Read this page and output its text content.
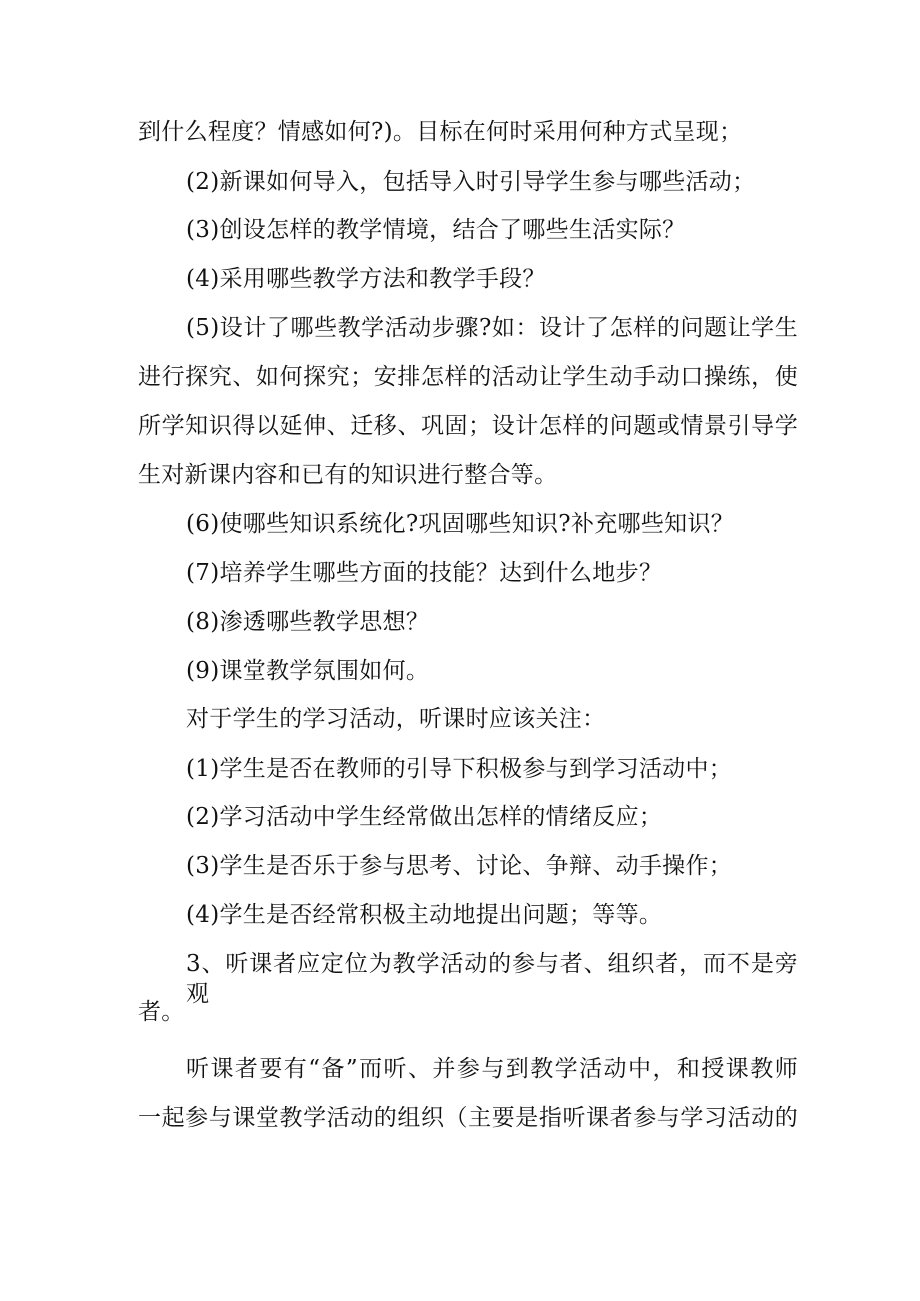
到什么程度？情感如何?)。目标在何时采用何种方式呈现；
(2)新课如何导入，包括导入时引导学生参与哪些活动；
(3)创设怎样的教学情境，结合了哪些生活实际？
(4)采用哪些教学方法和教学手段？
(5)设计了哪些教学活动步骤?如：设计了怎样的问题让学生
进行探究、如何探究；安排怎样的活动让学生动手动口操练，使
所学知识得以延伸、迁移、巩固；设计怎样的问题或情景引导学
生对新课内容和已有的知识进行整合等。
(6)使哪些知识系统化?巩固哪些知识?补充哪些知识？
(7)培养学生哪些方面的技能？达到什么地步？
(8)渗透哪些教学思想？
(9)课堂教学氛围如何。
对于学生的学习活动，听课时应该关注：
(1)学生是否在教师的引导下积极参与到学习活动中；
(2)学习活动中学生经常做出怎样的情绪反应；
(3)学生是否乐于参与思考、讨论、争辩、动手操作；
(4)学生是否经常积极主动地提出问题；等等。
3、听课者应定位为教学活动的参与者、组织者，而不是旁观
者。
听课者要有“备”而听、并参与到教学活动中，和授课教师
一起参与课堂教学活动的组织（主要是指听课者参与学习活动的
